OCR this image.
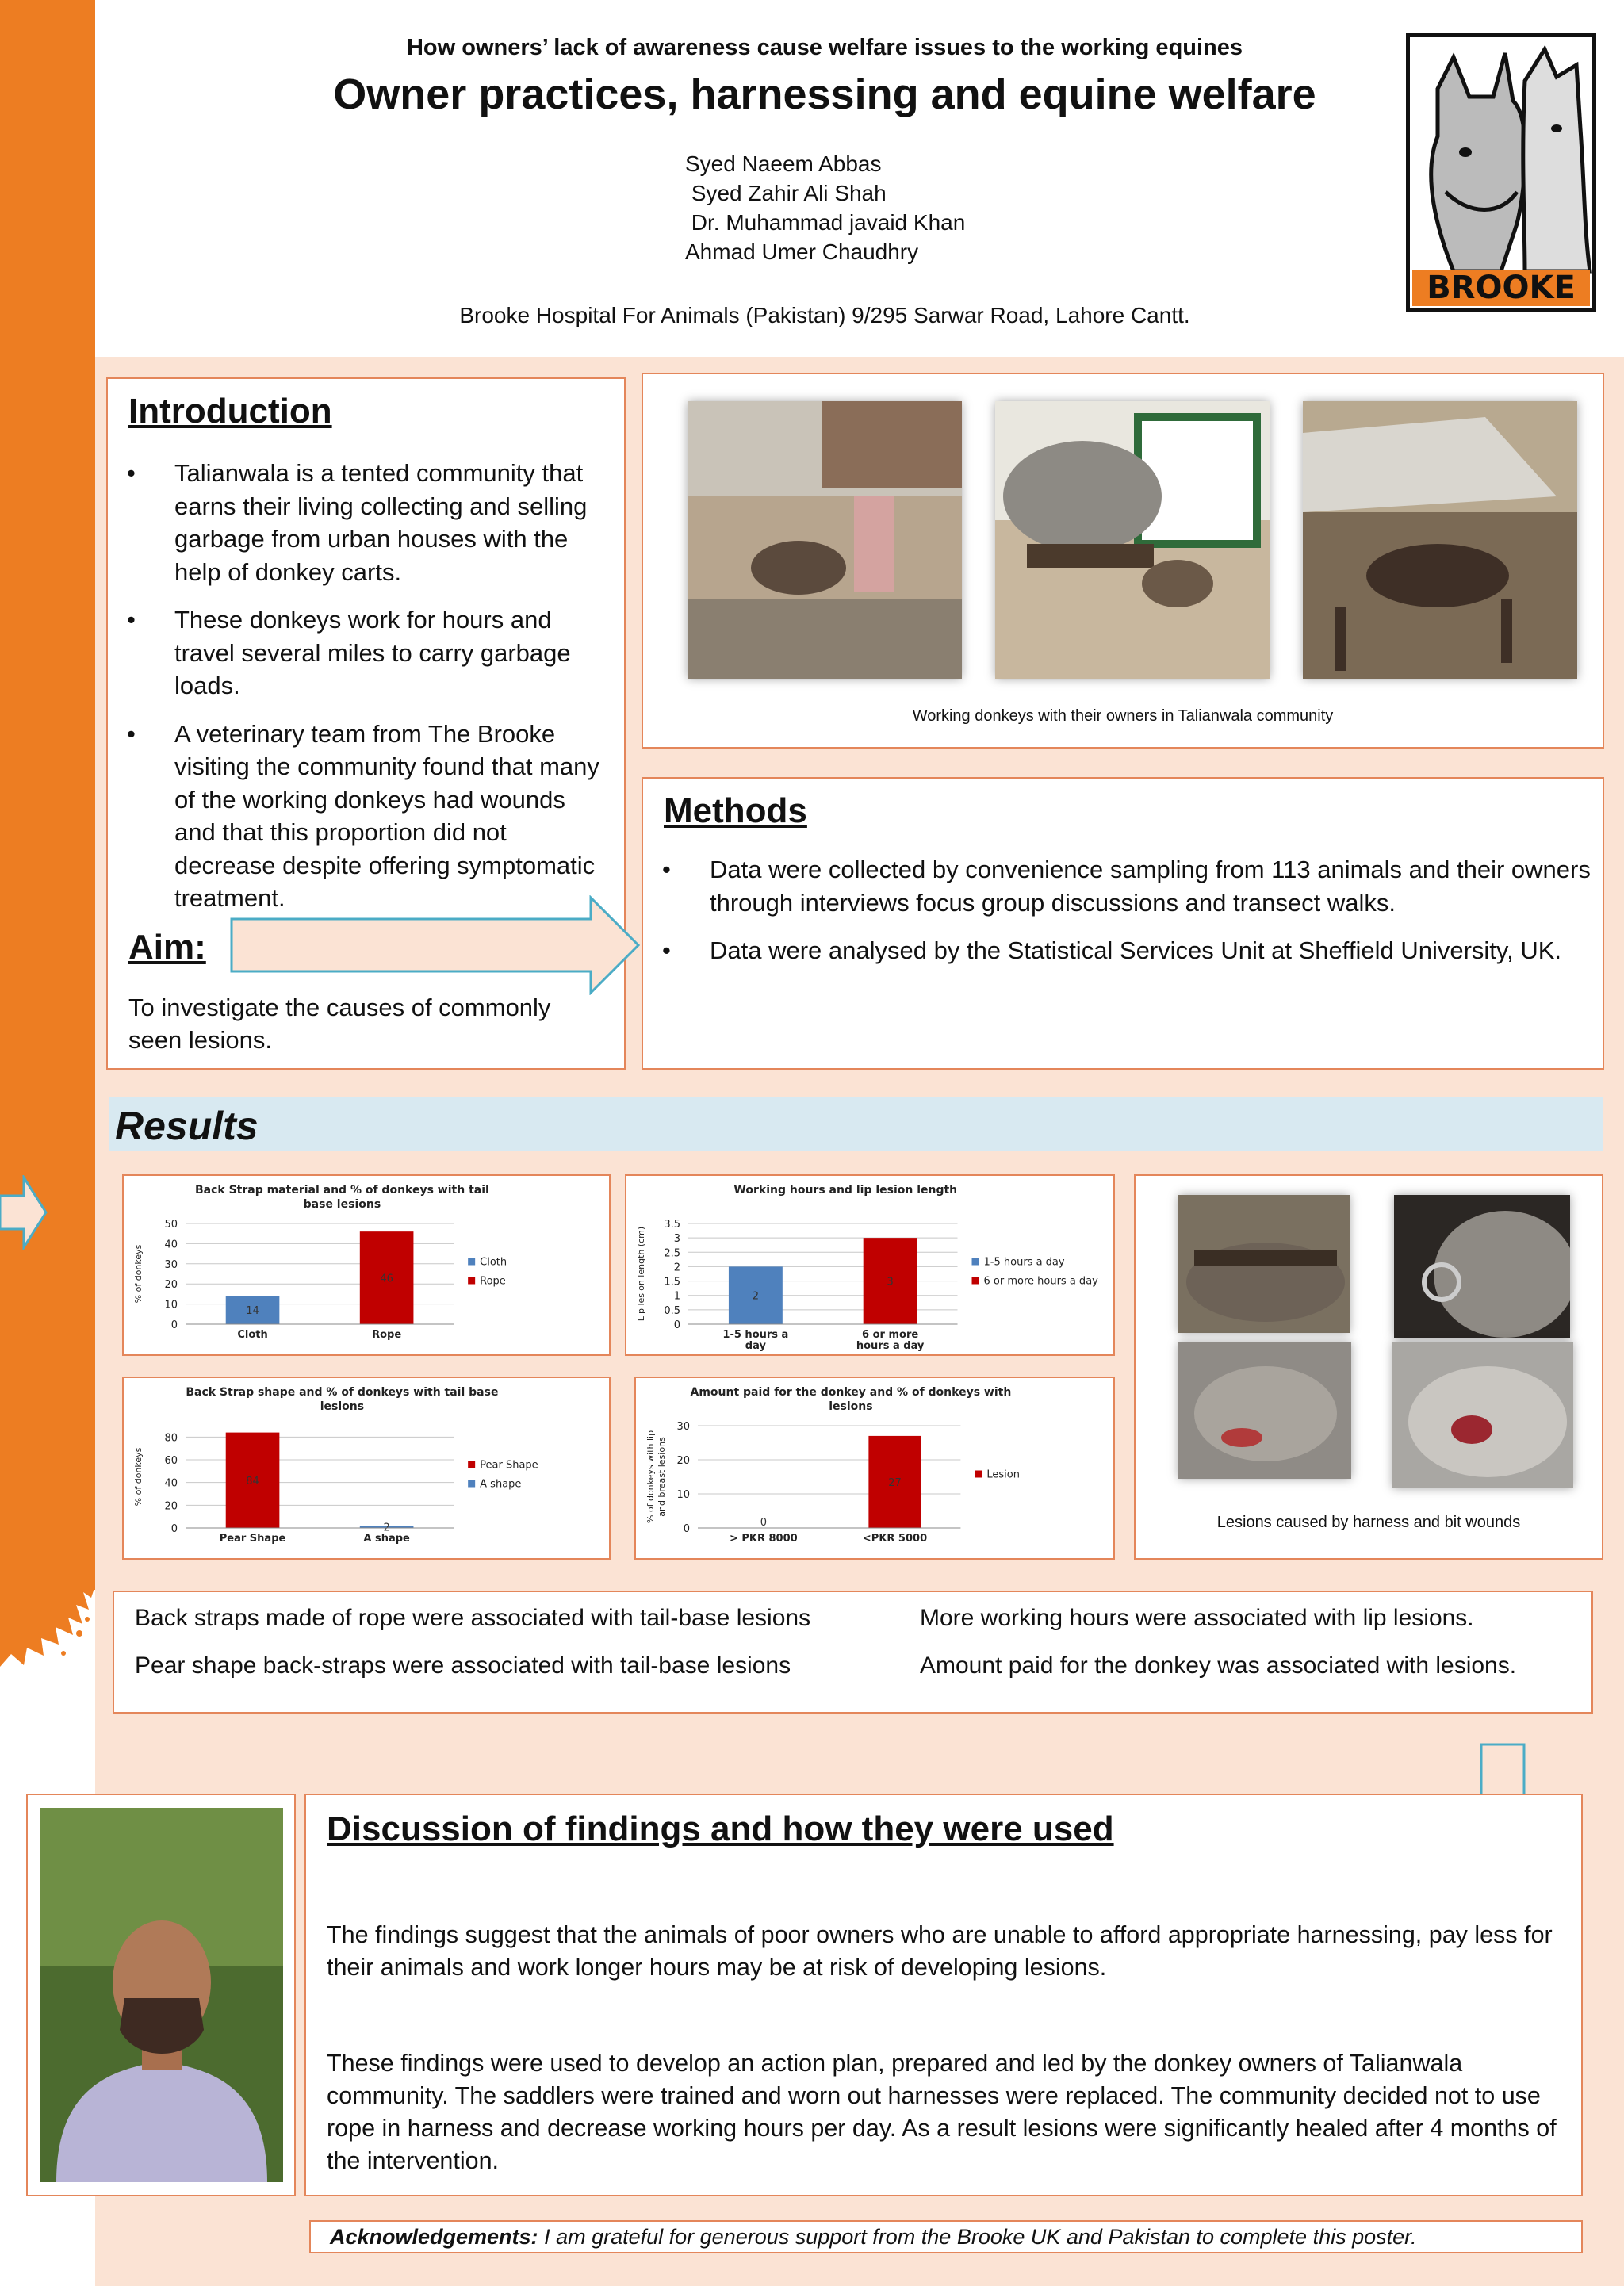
How owners’ lack of awareness cause welfare issues to the working equines
Owner practices, harnessing and equine welfare
Syed Naeem Abbas
Syed Zahir Ali Shah
Dr. Muhammad javaid Khan
Ahmad Umer Chaudhry
Brooke Hospital For Animals (Pakistan) 9/295 Sarwar Road, Lahore Cantt.
BROOKE
Introduction
• Talianwala is a tented community that earns their living collecting and selling garbage from urban houses with the help of donkey carts.
• These donkeys work for hours and travel several miles to carry garbage loads.
• A veterinary team from The Brooke visiting the community found that many of the working donkeys had wounds and that this proportion did not decrease despite offering symptomatic treatment.
Aim:
To investigate the causes of commonly seen lesions.
Working donkeys with their owners in Talianwala community
Methods
• Data were collected by convenience sampling from 113 animals and their owners through interviews focus group discussions and transect walks.
• Data were analysed by the Statistical Services Unit at Sheffield University, UK.
Results
Back Strap material and % of donkeys with tail
base lesions
0
10
20
30
40
50
% of donkeys
14
Cloth
46
Rope
Cloth
Rope
Working hours and lip lesion length
0
0.5
1
1.5
2
2.5
3
3.5
Lip lesion length (cm)	2
1-5 hours a
day
3
6 or more
hours a day
1-5 hours a day
6 or more hours a day
Back Strap shape and % of donkeys with tail base
lesions
0
20
40
60
80
% of donkeys	84
Pear Shape
2
A shape
Pear Shape
A shape
Amount paid for the donkey and % of donkeys with
lesions
0
10
20
30
% of donkeys with lip and breast lesions
0
> PKR 8000
27
<PKR 5000
Lesion
Lesions caused by harness and bit wounds
Back straps made of rope were associated with tail-base lesions
Pear shape back-straps were associated with tail-base lesions
More working hours were associated with lip lesions.
Amount paid for the donkey was associated with lesions.
Discussion of findings and how they were used

The findings suggest that the animals of poor owners who are unable to afford appropriate harnessing, pay less for their animals and work longer hours may be at risk of developing lesions.

These findings were used to develop an action plan, prepared and led by the donkey owners of Talianwala community. The saddlers were trained and worn out harnesses were replaced. The community decided not to use rope in harness and decrease working hours per day. As a result lesions were significantly healed after 4 months of the intervention.

Acknowledgements: I am grateful for generous support from the Brooke UK and Pakistan to complete this poster.
